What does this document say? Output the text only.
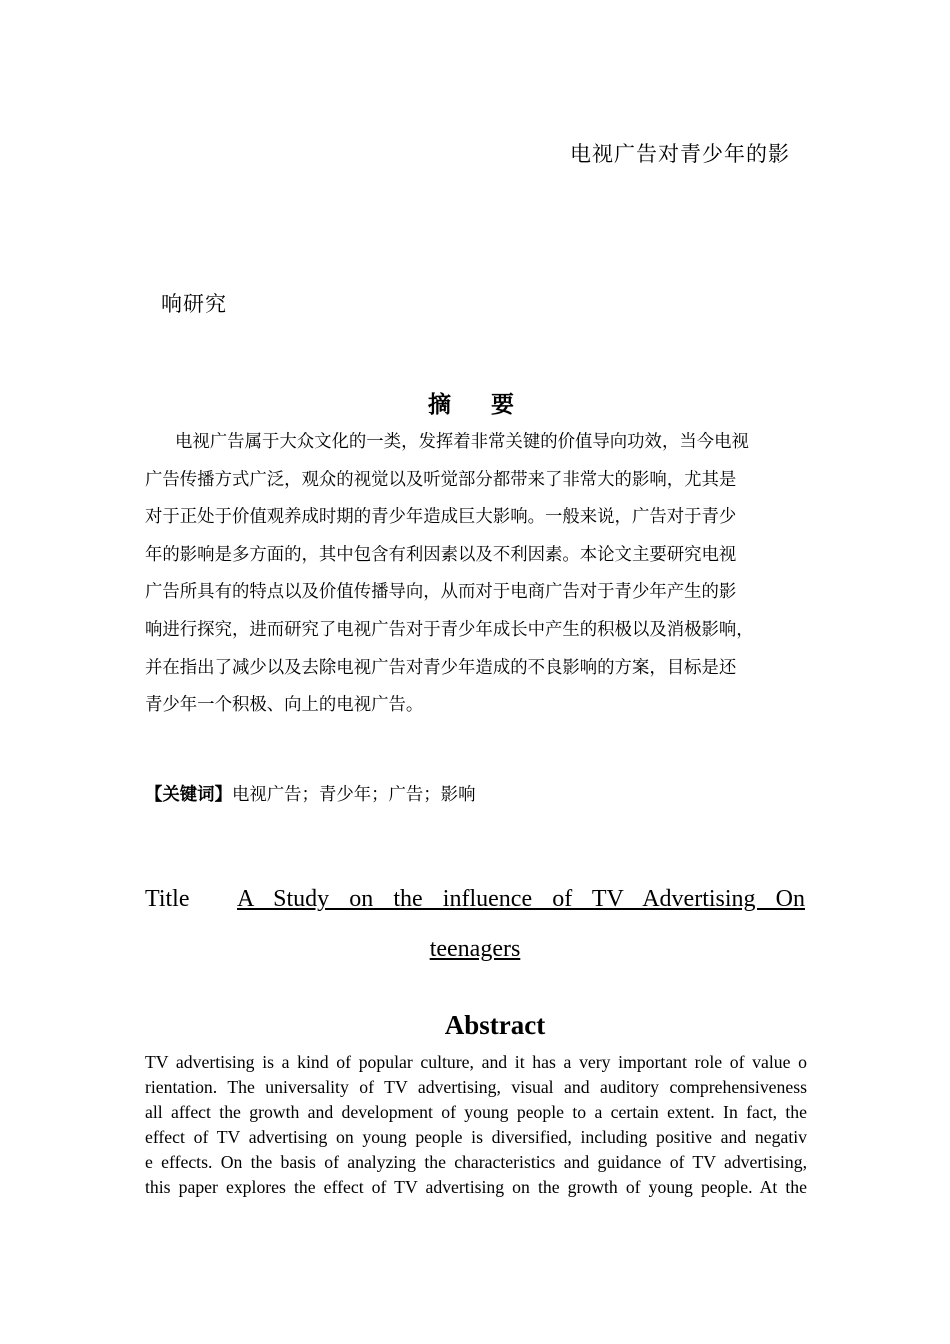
电视广告对青少年的影
响研究
摘 要
电视广告属于大众文化的一类，发挥着非常关键的价值导向功效，当今电视
广告传播方式广泛，观众的视觉以及听觉部分都带来了非常大的影响，尤其是
对于正处于价值观养成时期的青少年造成巨大影响。一般来说，广告对于青少
年的影响是多方面的，其中包含有利因素以及不利因素。本论文主要研究电视
广告所具有的特点以及价值传播导向，从而对于电商广告对于青少年产生的影
响进行探究，进而研究了电视广告对于青少年成长中产生的积极以及消极影响，
并在指出了减少以及去除电视广告对青少年造成的不良影响的方案，目标是还
青少年一个积极、向上的电视广告。
【关键词】电视广告；青少年；广告；影响
Title A Study on the influence of TV Advertising On
teenagers
Abstract
TV advertising is a kind of popular culture, and it has a very important role of value o
rientation. The universality of TV advertising, visual and auditory comprehensiveness
all affect the growth and development of young people to a certain extent. In fact, the
effect of TV advertising on young people is diversified, including positive and negativ
e effects. On the basis of analyzing the characteristics and guidance of TV advertising,
this paper explores the effect of TV advertising on the growth of young people. At the
